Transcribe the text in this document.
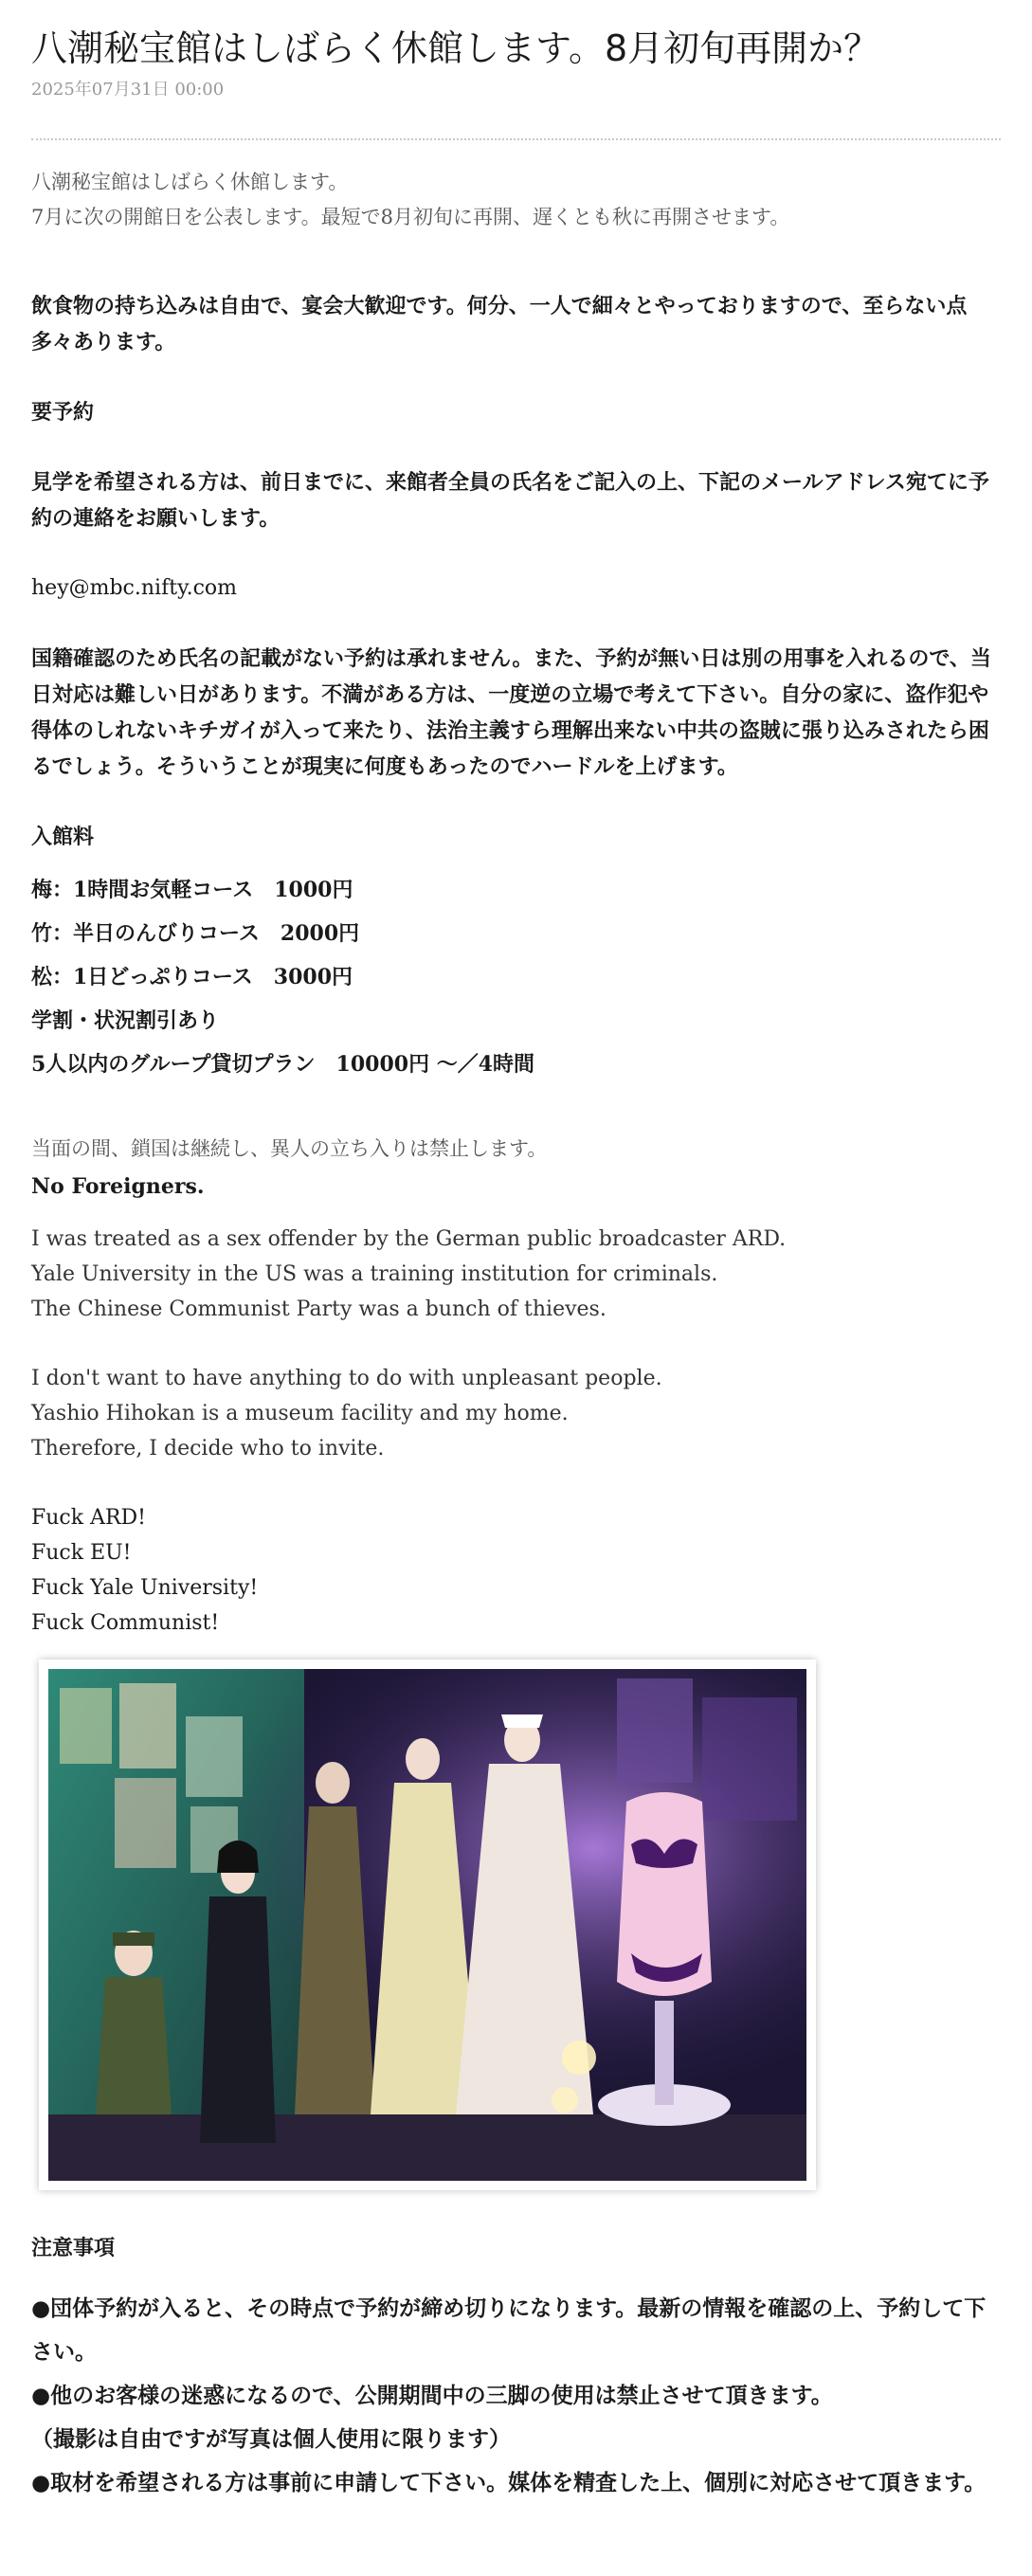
八潮秘宝館はしばらく休館します。8月初旬再開か？
2025年07月31日 00:00

八潮秘宝館はしばらく休館します。

7月に次の開館日を公表します。最短で8月初旬に再開、遅くとも秋に再開させます。

飲食物の持ち込みは自由で、宴会大歓迎です。何分、一人で細々とやっておりますので、至らない点多々あります。

要予約

見学を希望される方は、前日までに、来館者全員の氏名をご記入の上、下記のメールアドレス宛てに予約の連絡をお願いします。

hey@mbc.nifty.com

国籍確認のため氏名の記載がない予約は承れません。また、予約が無い日は別の用事を入れるので、当日対応は難しい日があります。不満がある方は、一度逆の立場で考えて下さい。自分の家に、盗作犯や得体のしれないキチガイが入って来たり、法治主義すら理解出来ない中共の盗賊に張り込みされたら困るでしょう。そういうことが現実に何度もあったのでハードルを上げます。

入館料

梅：1時間お気軽コース　1000円

竹：半日のんびりコース　2000円

松：1日どっぷりコース　3000円

学割・状況割引あり

5人以内のグループ貸切プラン　10000円 〜／4時間

当面の間、鎖国は継続し、異人の立ち入りは禁止します。

No Foreigners.

I was treated as a sex offender by the German public broadcaster ARD.

Yale University in the US was a training institution for criminals.

The Chinese Communist Party was a bunch of thieves.

I don't want to have anything to do with unpleasant people.

Yashio Hihokan is a museum facility and my home.

Therefore, I decide who to invite.

Fuck ARD!

Fuck EU!

Fuck Yale University!

Fuck Communist!

注意事項

●団体予約が入ると、その時点で予約が締め切りになります。最新の情報を確認の上、予約して下さい。

●他のお客様の迷惑になるので、公開期間中の三脚の使用は禁止させて頂きます。

（撮影は自由ですが写真は個人使用に限ります）

●取材を希望される方は事前に申請して下さい。媒体を精査した上、個別に対応させて頂きます。
